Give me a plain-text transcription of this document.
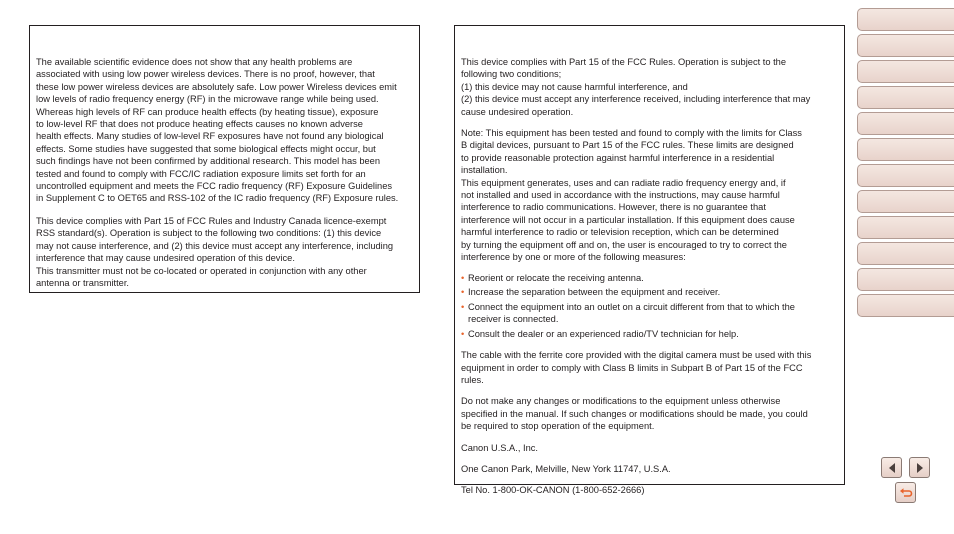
The available scientific evidence does not show that any health problems are
associated with using low power wireless devices. There is no proof, however, that
these low power wireless devices are absolutely safe. Low power Wireless devices emit
low levels of radio frequency energy (RF) in the microwave range while being used.
Whereas high levels of RF can produce health effects (by heating tissue), exposure
to low-level RF that does not produce heating effects causes no known adverse
health effects. Many studies of low-level RF exposures have not found any biological
effects. Some studies have suggested that some biological effects might occur, but
such findings have not been confirmed by additional research. This model has been
tested and found to comply with FCC/IC radiation exposure limits set forth for an
uncontrolled equipment and meets the FCC radio frequency (RF) Exposure Guidelines
in Supplement C to OET65 and RSS-102 of the IC radio frequency (RF) Exposure rules.

This device complies with Part 15 of FCC Rules and Industry Canada licence-exempt
RSS standard(s). Operation is subject to the following two conditions: (1) this device
may not cause interference, and (2) this device must accept any interference, including
interference that may cause undesired operation of this device.
This transmitter must not be co-located or operated in conjunction with any other
antenna or transmitter.

This device complies with Part 15 of the FCC Rules. Operation is subject to the
following two conditions;
(1) this device may not cause harmful interference, and
(2) this device must accept any interference received, including interference that may
cause undesired operation.

Note: This equipment has been tested and found to comply with the limits for Class
B digital devices, pursuant to Part 15 of the FCC rules. These limits are designed
to provide reasonable protection against harmful interference in a residential
installation.
This equipment generates, uses and can radiate radio frequency energy and, if
not installed and used in accordance with the instructions, may cause harmful
interference to radio communications. However, there is no guarantee that
interference will not occur in a particular installation. If this equipment does cause
harmful interference to radio or television reception, which can be determined
by turning the equipment off and on, the user is encouraged to try to correct the
interference by one or more of the following measures:

• Reorient or relocate the receiving antenna.
• Increase the separation between the equipment and receiver.
• Connect the equipment into an outlet on a circuit different from that to which the
receiver is connected.
• Consult the dealer or an experienced radio/TV technician for help.

The cable with the ferrite core provided with the digital camera must be used with this
equipment in order to comply with Class B limits in Subpart B of Part 15 of the FCC
rules.

Do not make any changes or modifications to the equipment unless otherwise
specified in the manual. If such changes or modifications should be made, you could
be required to stop operation of the equipment.

Canon U.S.A., Inc.

One Canon Park, Melville, New York 11747, U.S.A.

Tel No. 1-800-OK-CANON (1-800-652-2666)
